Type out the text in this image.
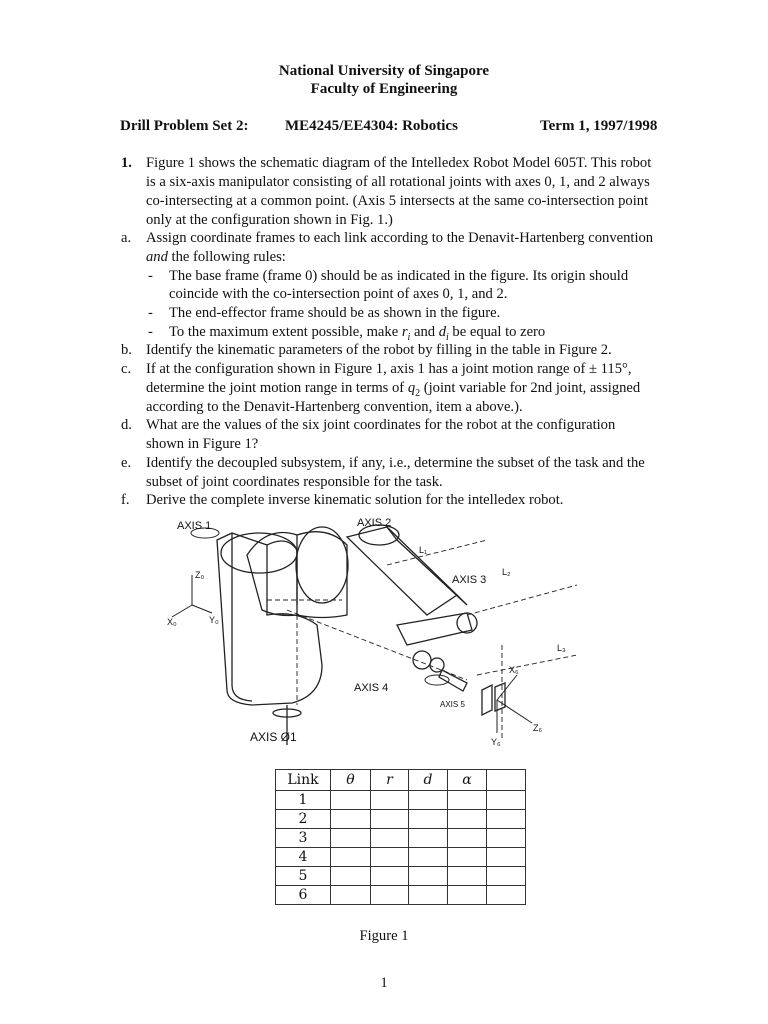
National University of Singapore
Faculty of Engineering
Drill Problem Set 2: ME4245/EE4304: Robotics	Term 1, 1997/1998
1. Figure 1 shows the schematic diagram of the Intelledex Robot Model 605T. This robot
is a six-axis manipulator consisting of all rotational joints with axes 0, 1, and 2 always
co-intersecting at a common point. (Axis 5 intersects at the same co-intersection point
only at the configuration shown in Fig. 1.)
a. Assign coordinate frames to each link according to the Denavit-Hartenberg convention
and the following rules:
- The base frame (frame 0) should be as indicated in the figure. Its origin should
coincide with the co-intersection point of axes 0, 1, and 2.
- The end-effector frame should be as shown in the figure.
- To the maximum extent possible, make $r_i$ and $d_i$ be equal to zero
b. Identify the kinematic parameters of the robot by filling in the table in Figure 2.
c. If at the configuration shown in Figure 1, axis 1 has a joint motion range of ± 115°,
determine the joint motion range in terms of $q_2$ (joint variable for 2nd joint, assigned
according to the Denavit-Hartenberg convention, item a above.).
d. What are the values of the six joint coordinates for the robot at the configuration
shown in Figure 1?
e. Identify the decoupled subsystem, if any, i.e., determine the subset of the task and the
subset of joint coordinates responsible for the task.
f. Derive the complete inverse kinematic solution for the intelledex robot.
AXIS 1	AXIS 2
AXIS 3
AXIS 4
AXIS 5
AXIS Ø1
Z₀
X₀	Y₀
X₆
Y₆
Z₆
L₁
L₂
L₃
Link	θ	r	d	α	
1					
2					
3					
4					
5					
6					
Figure 1
1
